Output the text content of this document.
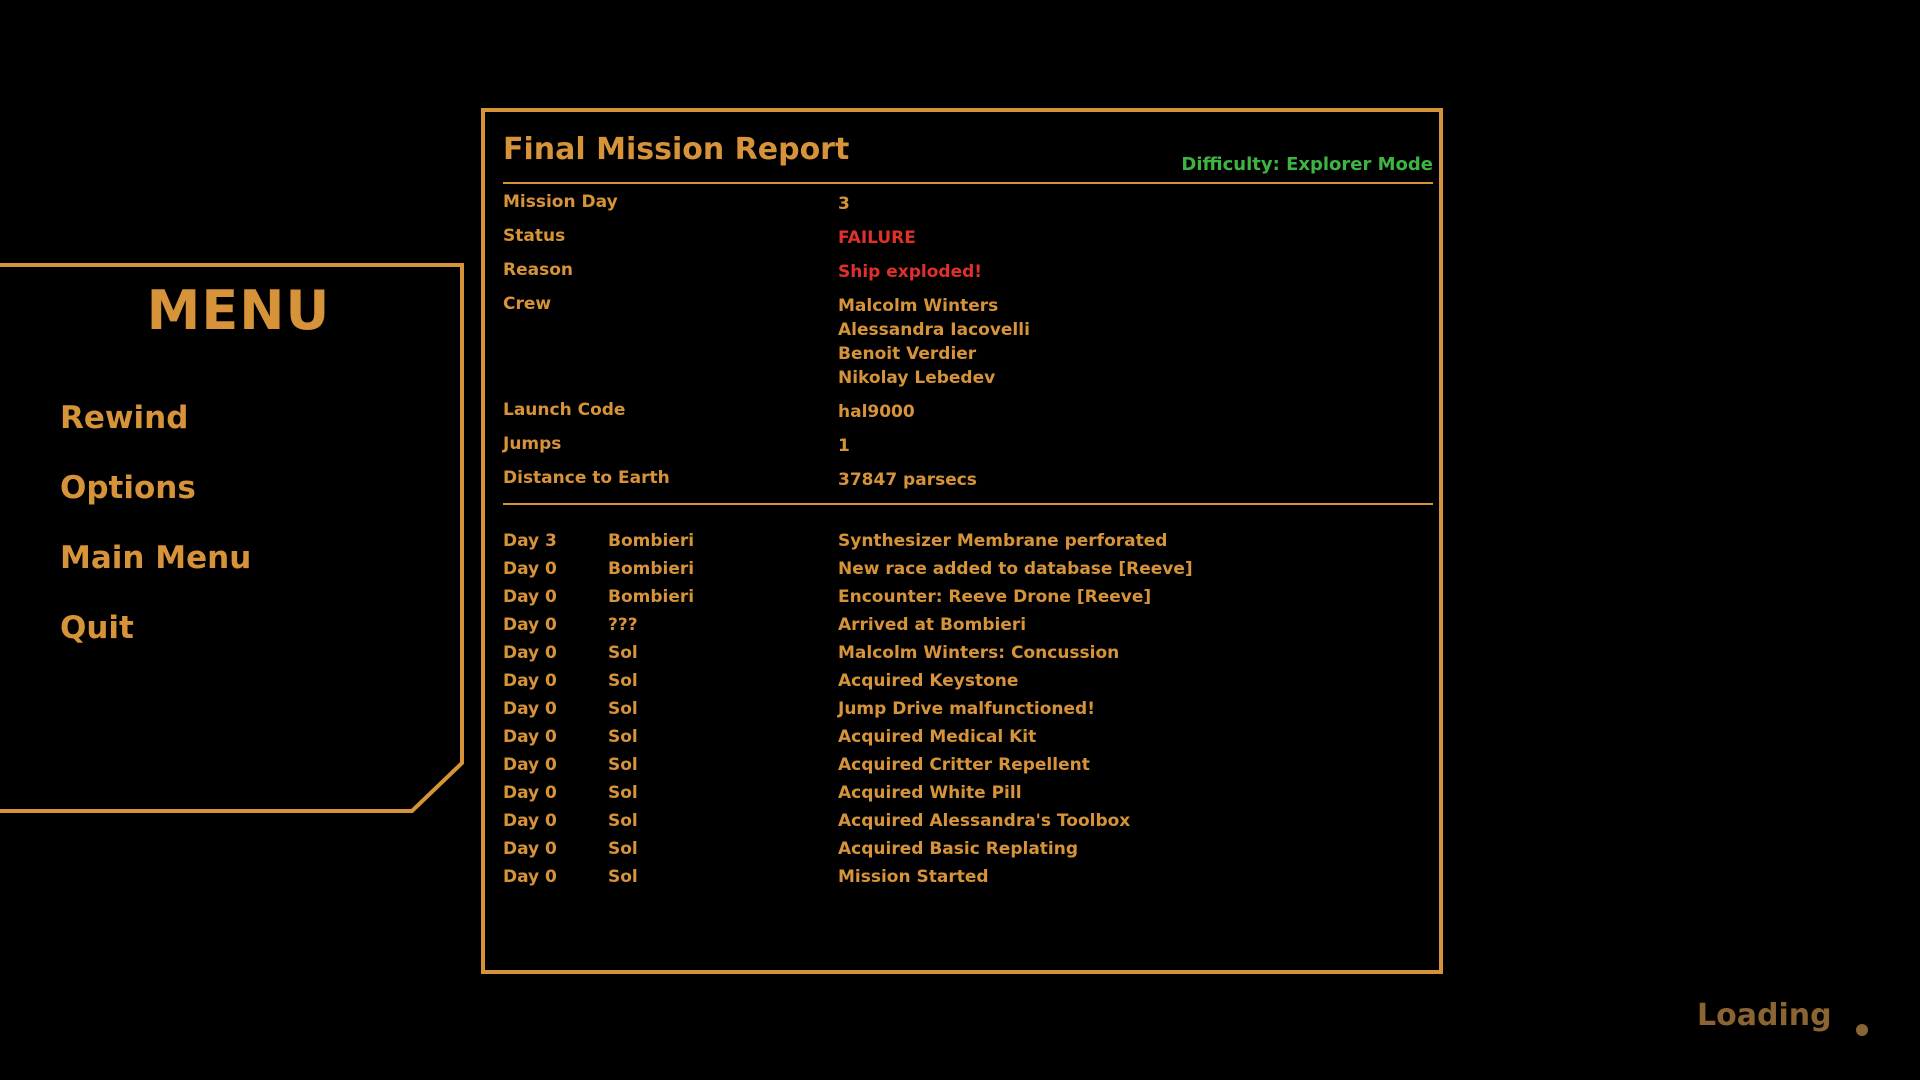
MENU
Rewind
Options
Main Menu
Quit
Final Mission Report	Difficulty: Explorer Mode
Mission Day	3
Status	FAILURE
Reason	Ship exploded!
Crew	Malcolm Winters
Alessandra Iacovelli
Benoit Verdier
Nikolay Lebedev
Launch Code	hal9000
Jumps	1
Distance to Earth	37847 parsecs
Day 3	Bombieri	Synthesizer Membrane perforated
Day 0	Bombieri	New race added to database [Reeve]
Day 0	Bombieri	Encounter: Reeve Drone [Reeve]
Day 0	???	Arrived at Bombieri
Day 0	Sol	Malcolm Winters: Concussion
Day 0	Sol	Acquired Keystone
Day 0	Sol	Jump Drive malfunctioned!
Day 0	Sol	Acquired Medical Kit
Day 0	Sol	Acquired Critter Repellent
Day 0	Sol	Acquired White Pill
Day 0	Sol	Acquired Alessandra's Toolbox
Day 0	Sol	Acquired Basic Replating
Day 0	Sol	Mission Started
Loading
